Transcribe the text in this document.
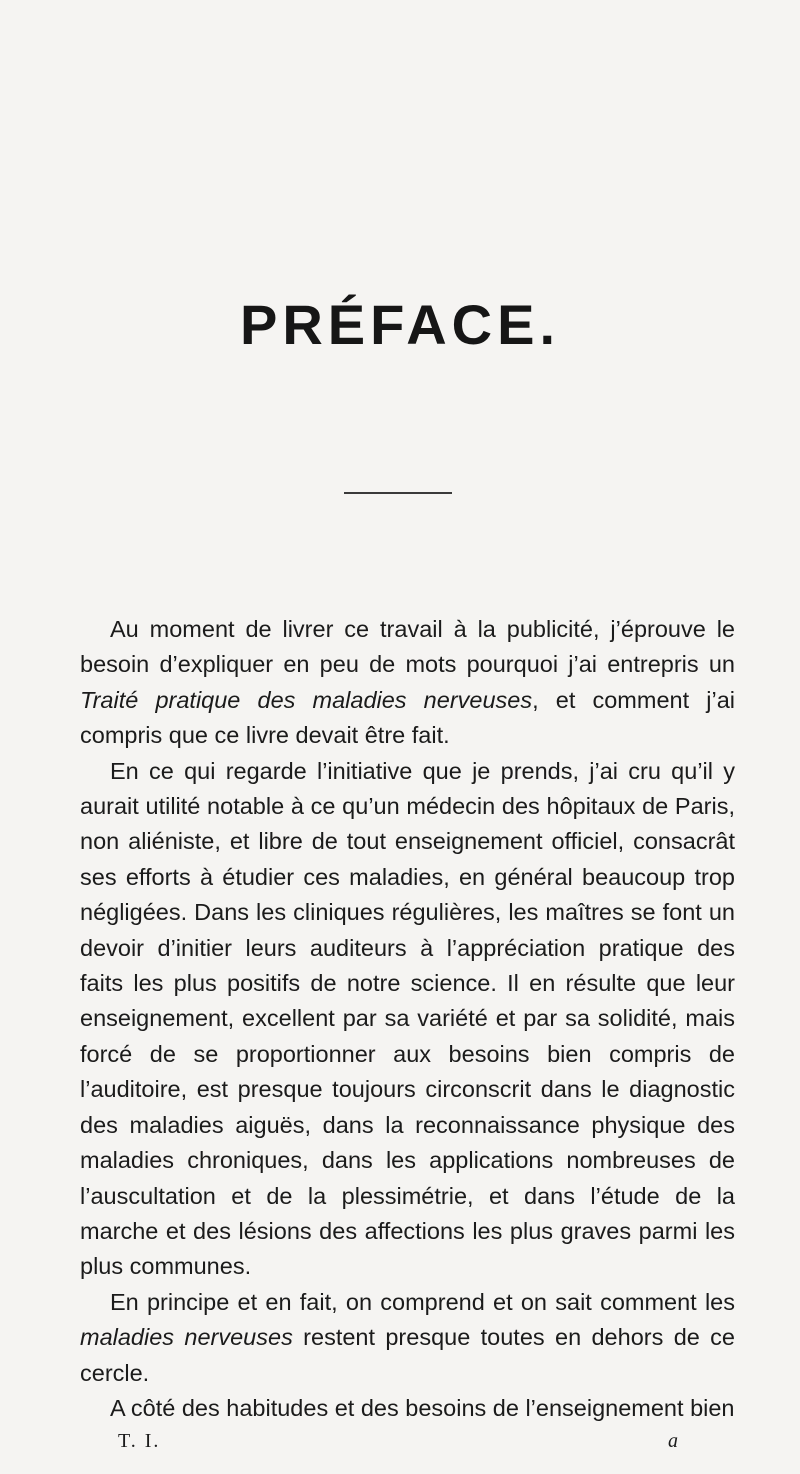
PRÉFACE.

Au moment de livrer ce travail à la publicité, j’éprouve le besoin d’expliquer en peu de mots pourquoi j’ai entrepris un Traité pratique des maladies nerveuses, et comment j’ai compris que ce livre devait être fait.

En ce qui regarde l’initiative que je prends, j’ai cru qu’il y aurait utilité notable à ce qu’un médecin des hôpitaux de Paris, non aliéniste, et libre de tout enseignement officiel, consacrât ses efforts à étudier ces maladies, en général beaucoup trop négligées. Dans les cliniques régulières, les maîtres se font un devoir d’initier leurs auditeurs à l’appréciation pratique des faits les plus positifs de notre science. Il en résulte que leur enseignement, excellent par sa variété et par sa solidité, mais forcé de se proportionner aux besoins bien compris de l’auditoire, est presque toujours circonscrit dans le diagnostic des maladies aiguës, dans la reconnaissance physique des maladies chroniques, dans les applications nombreuses de l’auscultation et de la plessimétrie, et dans l’étude de la marche et des lésions des affections les plus graves parmi les plus communes.

En principe et en fait, on comprend et on sait comment les maladies nerveuses restent presque toutes en dehors de ce cercle.

A côté des habitudes et des besoins de l’enseignement bien

T. I.	a
